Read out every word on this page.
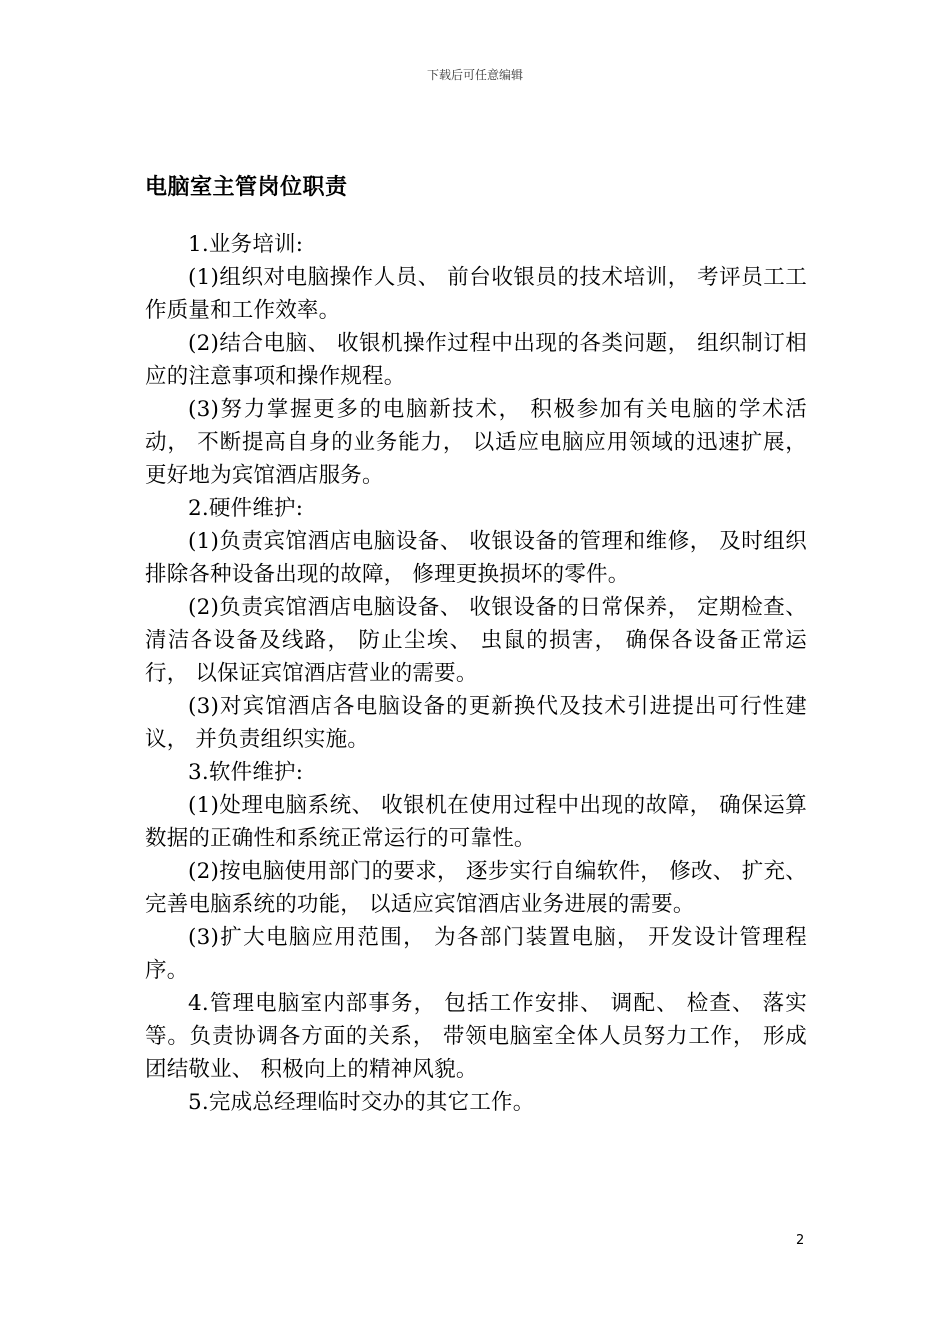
下载后可任意编辑
电脑室主管岗位职责

1.业务培训:

(1)组织对电脑操作人员、 前台收银员的技术培训， 考评员工工作质量和工作效率。

(2)结合电脑、 收银机操作过程中出现的各类问题， 组织制订相应的注意事项和操作规程。

(3)努力掌握更多的电脑新技术， 积极参加有关电脑的学术活动， 不断提高自身的业务能力， 以适应电脑应用领域的迅速扩展， 更好地为宾馆酒店服务。

2.硬件维护:

(1)负责宾馆酒店电脑设备、 收银设备的管理和维修， 及时组织排除各种设备出现的故障， 修理更换损坏的零件。

(2)负责宾馆酒店电脑设备、 收银设备的日常保养， 定期检查、 清洁各设备及线路， 防止尘埃、 虫鼠的损害， 确保各设备正常运行， 以保证宾馆酒店营业的需要。

(3)对宾馆酒店各电脑设备的更新换代及技术引进提出可行性建议， 并负责组织实施。

3.软件维护:

(1)处理电脑系统、 收银机在使用过程中出现的故障， 确保运算数据的正确性和系统正常运行的可靠性。

(2)按电脑使用部门的要求， 逐步实行自编软件， 修改、 扩充、 完善电脑系统的功能， 以适应宾馆酒店业务进展的需要。

(3)扩大电脑应用范围， 为各部门装置电脑， 开发设计管理程序。

4.管理电脑室内部事务， 包括工作安排、 调配、 检查、 落实等。负责协调各方面的关系， 带领电脑室全体人员努力工作， 形成团结敬业、 积极向上的精神风貌。

5.完成总经理临时交办的其它工作。

2
